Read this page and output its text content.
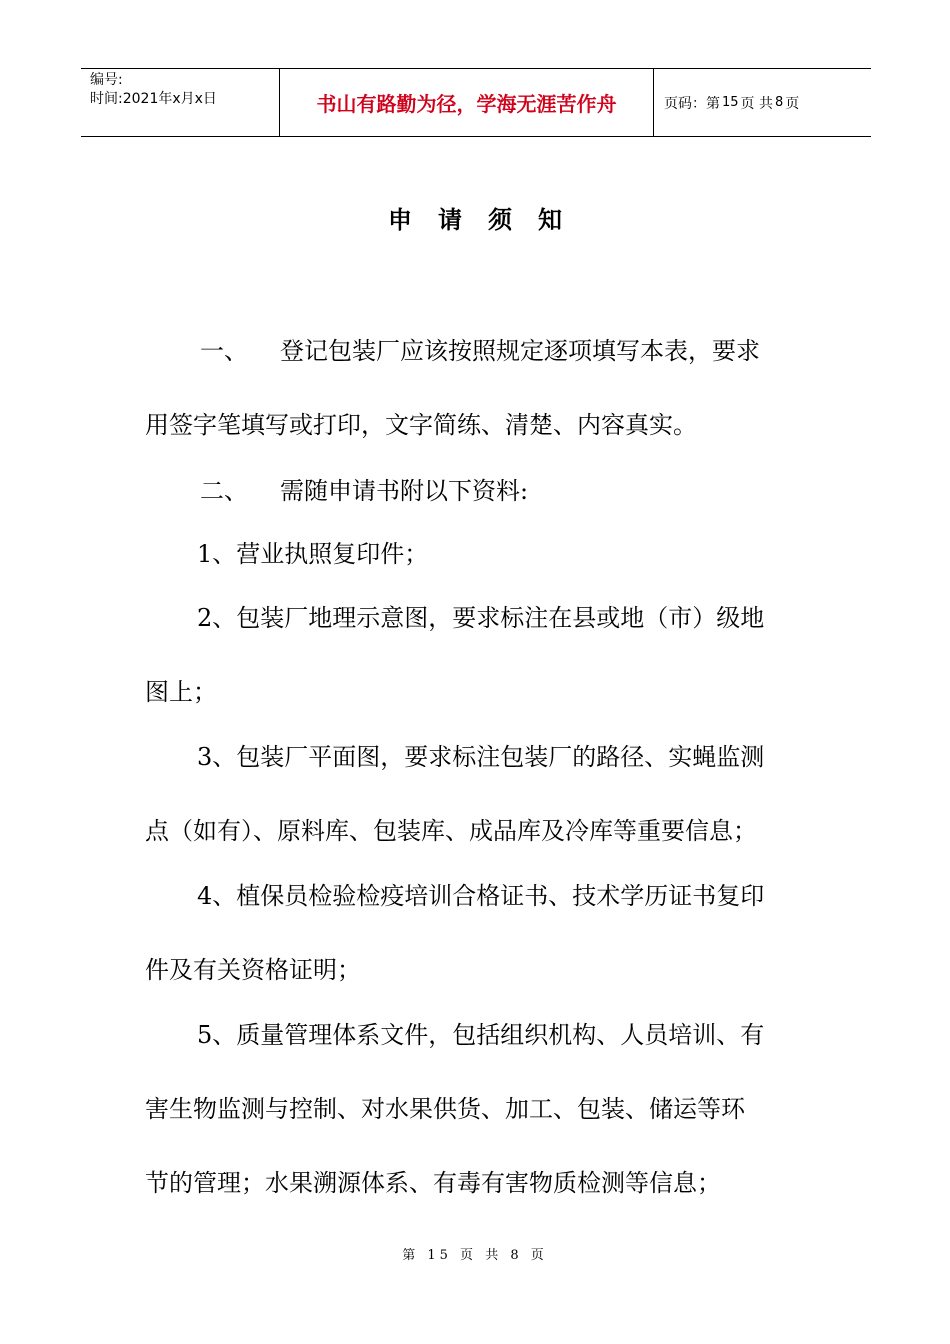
编号:
时间:2021年x月x日	书山有路勤为径，学海无涯苦作舟	页码：第 15 页 共 8 页
申请须知
一、 登记包装厂应该按照规定逐项填写本表，要求
用签字笔填写或打印，文字简练、清楚、内容真实。
二、 需随申请书附以下资料:
1、营业执照复印件；
2、包装厂地理示意图，要求标注在县或地（市）级地
图上；
3、包装厂平面图，要求标注包装厂的路径、实蝇监测
点（如有）、原料库、包装库、成品库及冷库等重要信息；
4、植保员检验检疫培训合格证书、技术学历证书复印
件及有关资格证明；
5、质量管理体系文件，包括组织机构、人员培训、有
害生物监测与控制、对水果供货、加工、包装、储运等环
节的管理；水果溯源体系、有毒有害物质检测等信息；
第 15 页 共 8 页
